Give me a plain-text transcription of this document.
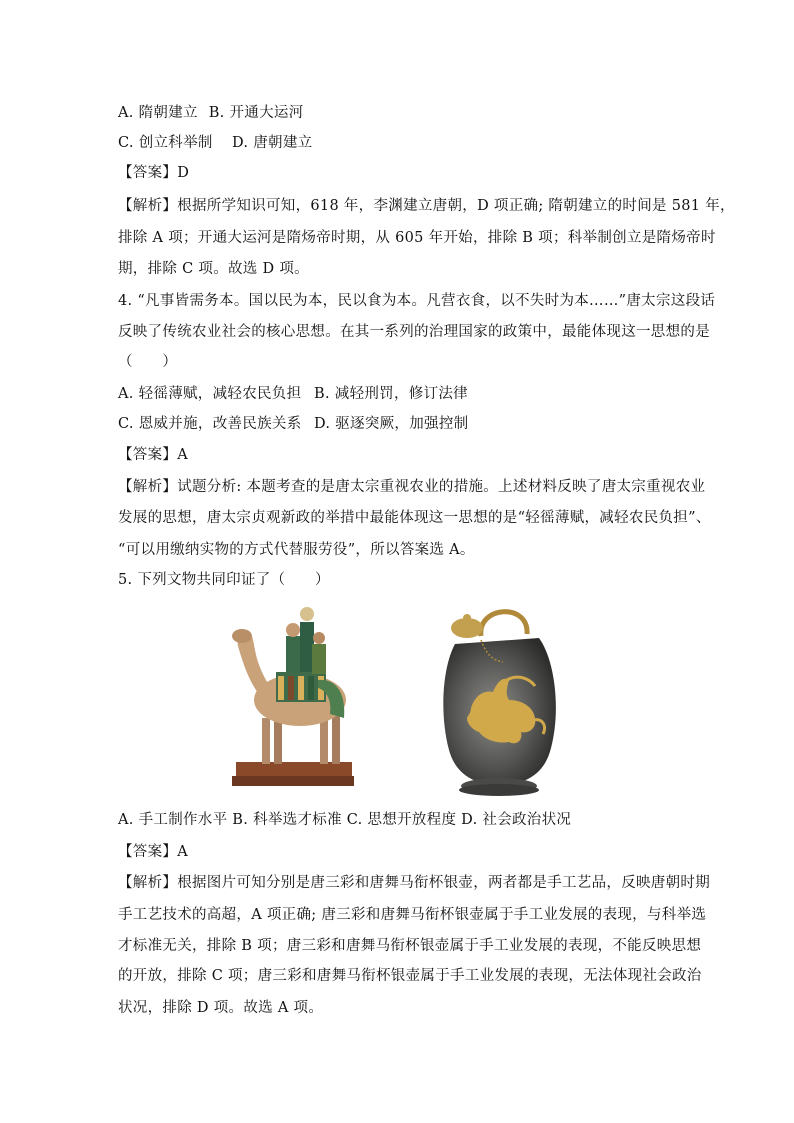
A. 隋朝建立 B. 开通大运河
C. 创立科举制 D. 唐朝建立
【答案】D
【解析】根据所学知识可知，618 年，李渊建立唐朝，D 项正确; 隋朝建立的时间是 581 年，
排除 A 项；开通大运河是隋炀帝时期，从 605 年开始，排除 B 项；科举制创立是隋炀帝时
期，排除 C 项。故选 D 项。
4. “凡事皆需务本。国以民为本，民以食为本。凡营衣食，以不失时为本……”唐太宗这段话
反映了传统农业社会的核心思想。在其一系列的治理国家的政策中，最能体现这一思想的是
（　　）
A. 轻徭薄赋，减轻农民负担 B. 减轻刑罚，修订法律
C. 恩威并施，改善民族关系 D. 驱逐突厥，加强控制
【答案】A
【解析】试题分析: 本题考查的是唐太宗重视农业的措施。上述材料反映了唐太宗重视农业
发展的思想，唐太宗贞观新政的举措中最能体现这一思想的是“轻徭薄赋，减轻农民负担”、
“可以用缴纳实物的方式代替服劳役”，所以答案选 A。
5. 下列文物共同印证了（　　）
A. 手工制作水平 B. 科举选才标准 C. 思想开放程度 D. 社会政治状况
【答案】A
【解析】根据图片可知分别是唐三彩和唐舞马衔杯银壶，两者都是手工艺品，反映唐朝时期
手工艺技术的高超，A 项正确; 唐三彩和唐舞马衔杯银壶属于手工业发展的表现，与科举选
才标准无关，排除 B 项；唐三彩和唐舞马衔杯银壶属于手工业发展的表现，不能反映思想
的开放，排除 C 项；唐三彩和唐舞马衔杯银壶属于手工业发展的表现，无法体现社会政治
状况，排除 D 项。故选 A 项。
